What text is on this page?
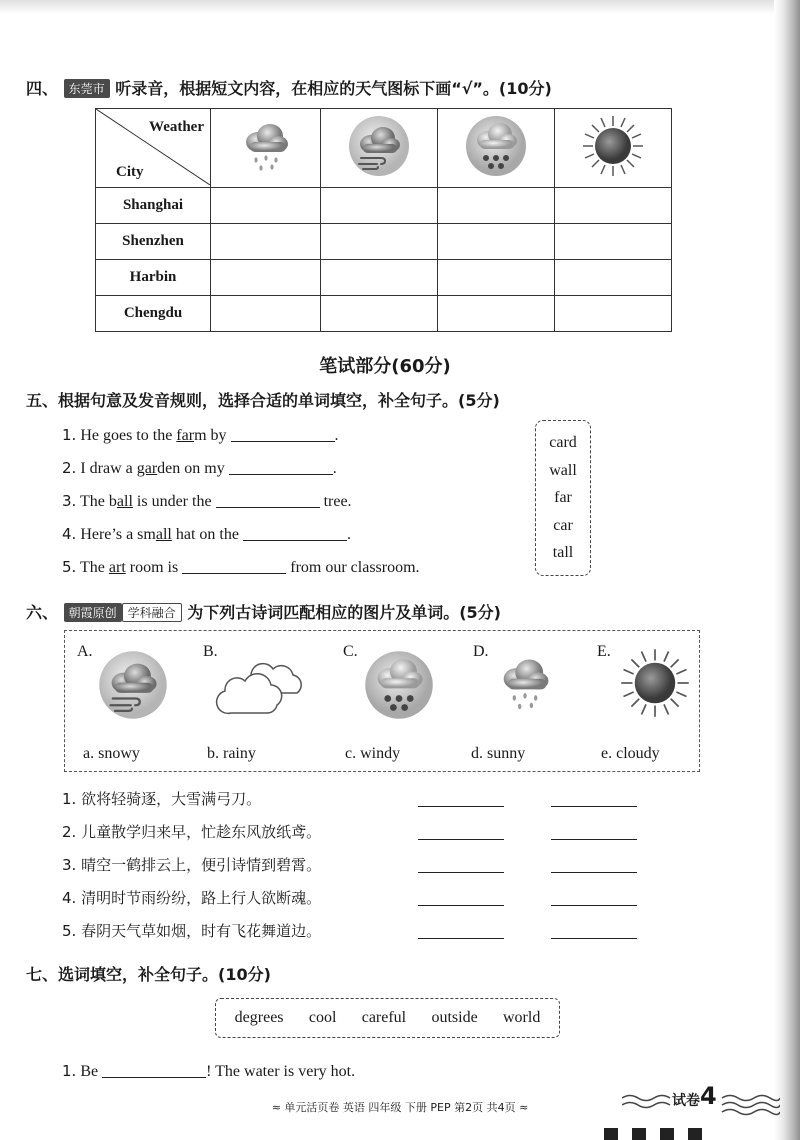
四、 东莞市 听录音，根据短文内容，在相应的天气图标下画“√”。(10分)
Weather
City

Shanghai				
Shenzhen				
Harbin				
Chengdu				
笔试部分(60分)
五、根据句意及发音规则，选择合适的单词填空，补全句子。(5分)
1. He goes to the farm by	.
2. I draw a garden on my	.
3. The ball is under the	tree.
4. Here’s a small hat on the	.
5. The art room is	from our classroom.
card
wall
far
car
tall
六、 朝霞原创 学科融合 为下列古诗词匹配相应的图片及单词。(5分)
A.
a. snowy
B.
b. rainy
C.
c. windy
D.
d. sunny
E.
e. cloudy
1. 欲将轻骑逐，大雪满弓刀。
2. 儿童散学归来早，忙趁东风放纸鸢。
3. 晴空一鹤排云上，便引诗情到碧霄。
4. 清明时节雨纷纷，路上行人欲断魂。
5. 春阴天气草如烟，时有飞花舞道边。
七、选词填空，补全句子。(10分)
degrees cool careful outside world
1. Be	! The water is very hot.
≈ 单元活页卷 英语 四年级 下册 PEP 第2页 共4页 ≈	试卷 4
